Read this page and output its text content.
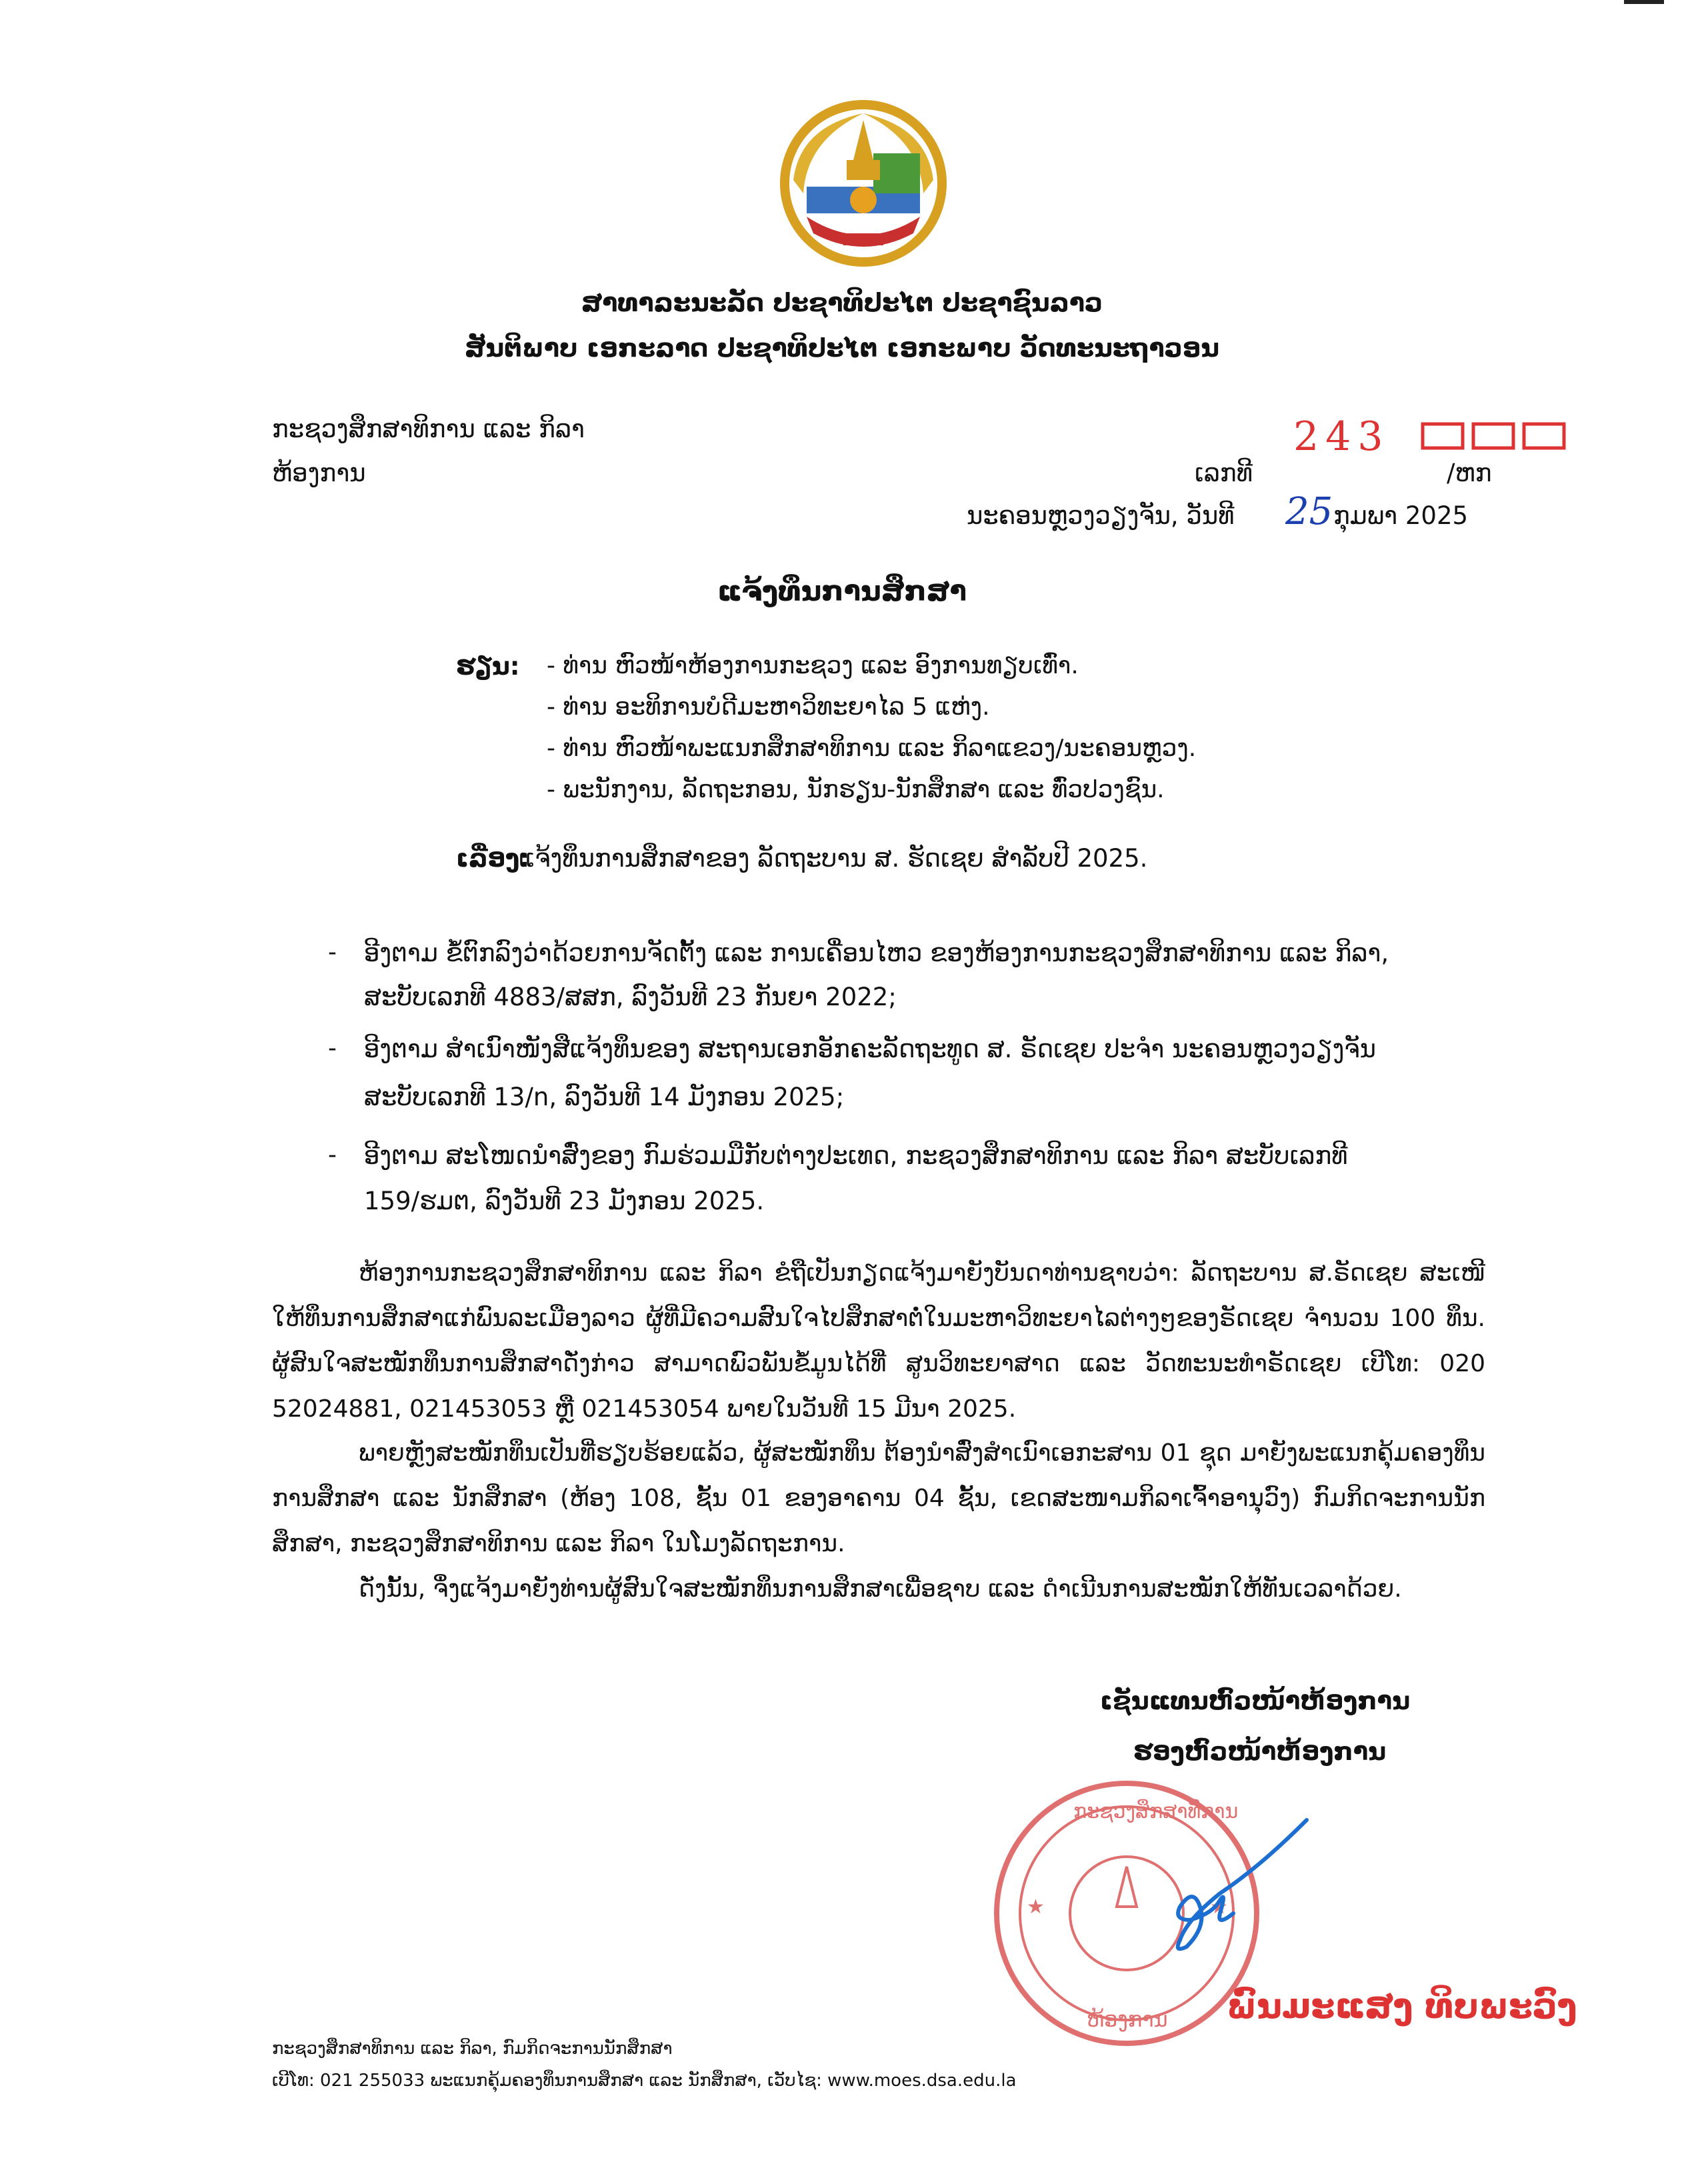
ສາທາລະນະລັດ ປະຊາທິປະໄຕ ປະຊາຊົນລາວ
ສັນຕິພາບ ເອກະລາດ ປະຊາທິປະໄຕ ເອກະພາບ ວັດທະນະຖາວອນ
ກະຊວງສຶກສາທິການ ແລະ ກິລາ
ຫ້ອງການ	ເລກທີ
243
/ຫກ
ນະຄອນຫຼວງວຽງຈັນ, ວັນທີ 25 ກຸມພາ 2025
ແຈ້ງທຶນການສຶກສາ
ຮຽນ: - ທ່ານ ຫົວໜ້າຫ້ອງການກະຊວງ ແລະ ອົງການທຽບເທົ່າ.
- ທ່ານ ອະທິການບໍດີມະຫາວິທະຍາໄລ 5 ແຫ່ງ.
- ທ່ານ ຫົວໜ້າພະແນກສຶກສາທິການ ແລະ ກິລາແຂວງ/ນະຄອນຫຼວງ.
- ພະນັກງານ, ລັດຖະກອນ, ນັກຮຽນ-ນັກສຶກສາ ແລະ ທົ່ວປວງຊົນ.
ເລື່ອງ:
ແຈ້ງທຶນການສຶກສາຂອງ ລັດຖະບານ ສ. ຮັດເຊຍ ສໍາລັບປີ 2025.
- ອີງຕາມ ຂໍ້ຕົກລົງວ່າດ້ວຍການຈັດຕັ້ງ ແລະ ການເຄື່ອນໄຫວ ຂອງຫ້ອງການກະຊວງສຶກສາທິການ ແລະ ກິລາ,
ສະບັບເລກທີ 4883/ສສກ, ລົງວັນທີ 23 ກັນຍາ 2022;
- ອີງຕາມ ສໍາເນົາໜັງສືແຈ້ງທຶນຂອງ ສະຖານເອກອັກຄະລັດຖະທູດ ສ. ຣັດເຊຍ ປະຈໍາ ນະຄອນຫຼວງວຽງຈັນ
ສະບັບເລກທີ 13/n, ລົງວັນທີ 14 ມັງກອນ 2025;
- ອີງຕາມ ສະໂໜດນໍາສົ່ງຂອງ ກົມຮ່ວມມືກັບຕ່າງປະເທດ, ກະຊວງສຶກສາທິການ ແລະ ກິລາ ສະບັບເລກທີ
159/ຮມຕ, ລົງວັນທີ 23 ມັງກອນ 2025.
ຫ້ອງການກະຊວງສຶກສາທິການ ແລະ ກິລາ ຂໍຖືເປັນກຽດແຈ້ງມາຍັງບັນດາທ່ານຊາບວ່າ: ລັດຖະບານ ສ.ຣັດເຊຍ ສະເໜີໃຫ້ທຶນການສຶກສາແກ່ພົນລະເມືອງລາວ ຜູ້ທີ່ມີຄວາມສົນໃຈໄປສຶກສາຕໍ່ໃນມະຫາວິທະຍາໄລຕ່າງໆຂອງຣັດເຊຍ ຈໍານວນ 100 ທຶນ. ຜູ້ສົນໃຈສະໝັກທຶນການສຶກສາດັ່ງກ່າວ ສາມາດພົວພັນຂໍ້ມູນໄດ້ທີ່ ສູນວິທະຍາສາດ ແລະ ວັດທະນະທໍາຣັດເຊຍ ເບີໂທ: 020 52024881, 021453053 ຫຼື 021453054 ພາຍໃນວັນທີ 15 ມີນາ 2025.
ພາຍຫຼັງສະໝັກທຶນເປັນທີ່ຮຽບຮ້ອຍແລ້ວ, ຜູ້ສະໝັກທຶນ ຕ້ອງນໍາສົ່ງສໍາເນົາເອກະສານ 01 ຊຸດ ມາຍັງພະແນກຄຸ້ມຄອງທຶນການສຶກສາ ແລະ ນັກສຶກສາ (ຫ້ອງ 108, ຊັ້ນ 01 ຂອງອາຄານ 04 ຊັ້ນ, ເຂດສະໜາມກິລາເຈົ້າອານຸວົງ) ກົມກິດຈະການນັກສຶກສາ, ກະຊວງສຶກສາທິການ ແລະ ກິລາ ໃນໂມງລັດຖະການ.
ດັ່ງນັ້ນ, ຈຶ່ງແຈ້ງມາຍັງທ່ານຜູ້ສົນໃຈສະໝັກທຶນການສຶກສາເພື່ອຊາບ ແລະ ດໍາເນີນການສະໝັກໃຫ້ທັນເວລາດ້ວຍ.
ເຊັນແທນຫົວໜ້າຫ້ອງການ
ຮອງຫົວໜ້າຫ້ອງການ
★	★
ກະຊວງສຶກສາທິການ
ຫ້ອງການ ພົນມະແສງ ທິບພະວົງ
ກະຊວງສຶກສາທິການ ແລະ ກິລາ, ກົມກິດຈະການນັກສຶກສາ
ເບີໂທ: 021 255033 ພະແນກຄຸ້ມຄອງທຶນການສຶກສາ ແລະ ນັກສຶກສາ, ເວັບໄຊ: www.moes.dsa.edu.la
